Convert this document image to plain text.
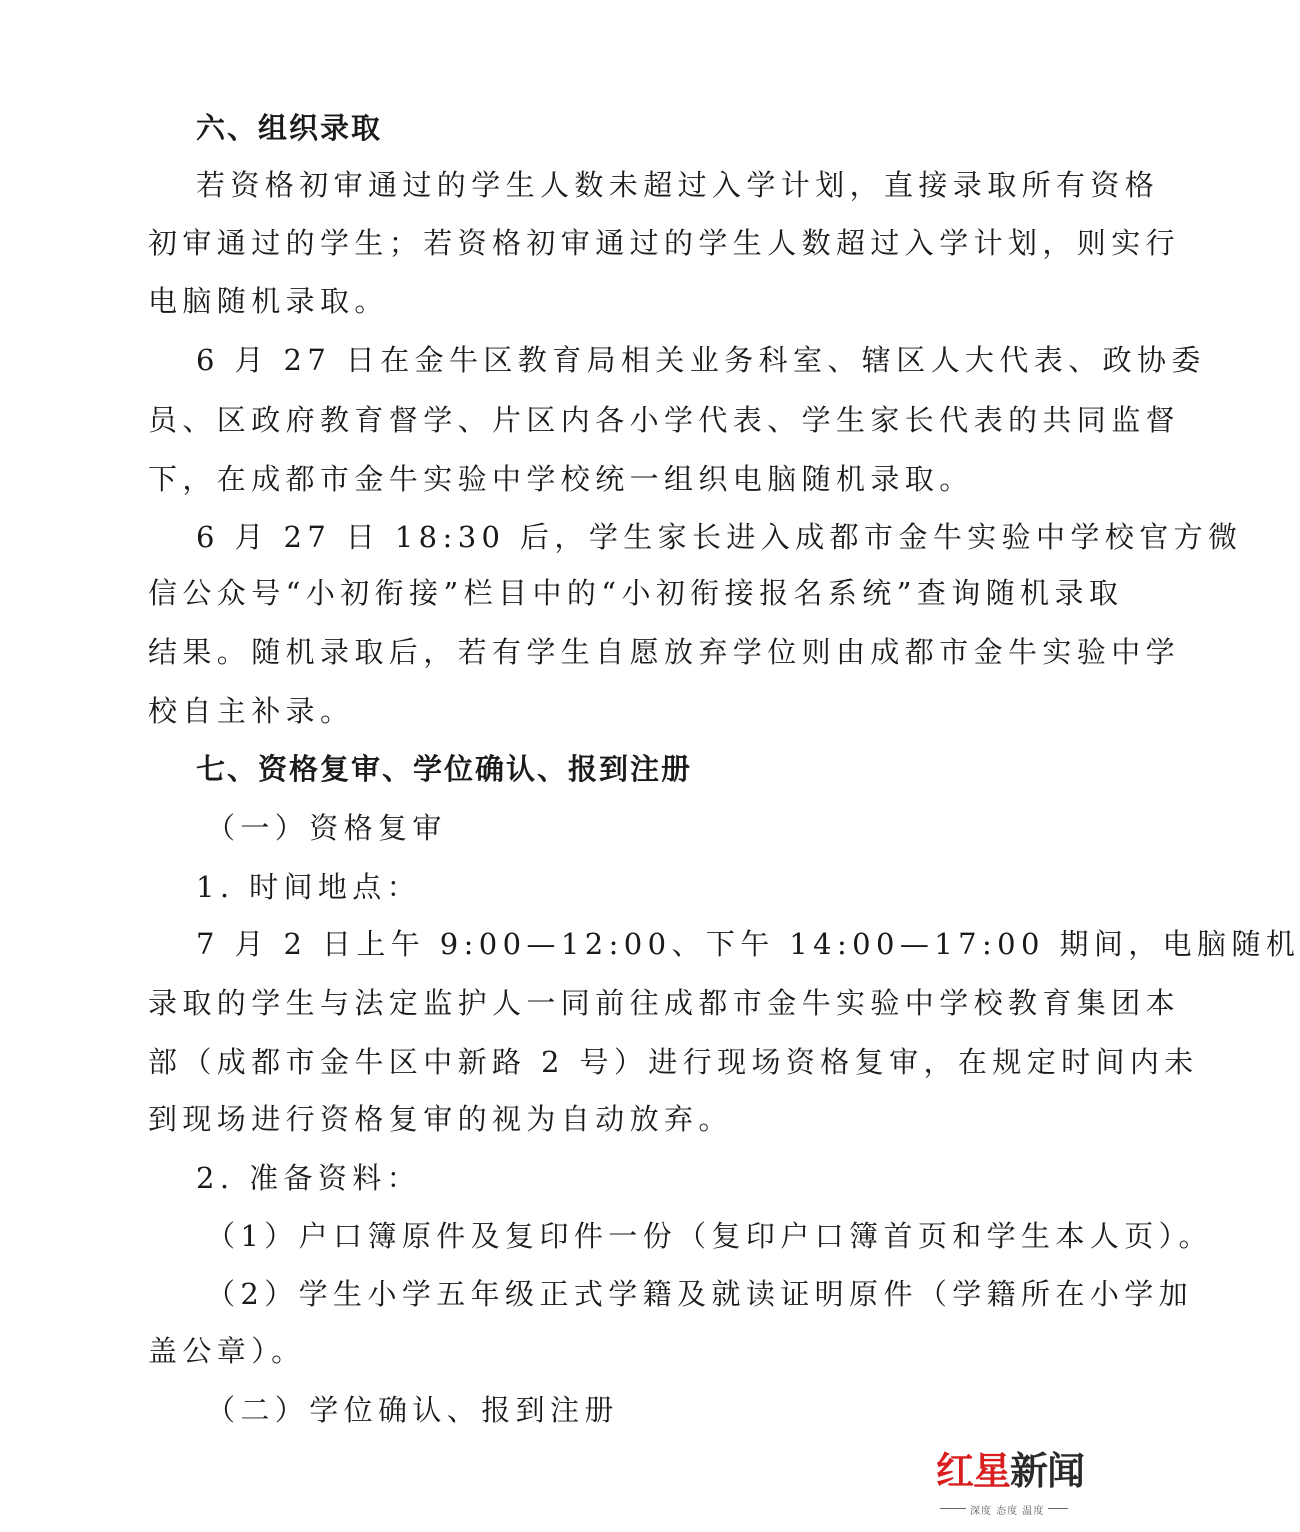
六、组织录取
若资格初审通过的学生人数未超过入学计划，直接录取所有资格
初审通过的学生；若资格初审通过的学生人数超过入学计划，则实行
电脑随机录取。
6 月 27 日在金牛区教育局相关业务科室、辖区人大代表、政协委
员、区政府教育督学、片区内各小学代表、学生家长代表的共同监督
下，在成都市金牛实验中学校统一组织电脑随机录取。
6 月 27 日 18:30 后，学生家长进入成都市金牛实验中学校官方微
信公众号“小初衔接”栏目中的“小初衔接报名系统”查询随机录取
结果。随机录取后，若有学生自愿放弃学位则由成都市金牛实验中学
校自主补录。
七、资格复审、学位确认、报到注册
（一）资格复审
1. 时间地点：
7 月 2 日上午 9:00—12:00、下午 14:00—17:00 期间，电脑随机
录取的学生与法定监护人一同前往成都市金牛实验中学校教育集团本
部（成都市金牛区中新路 2 号）进行现场资格复审，在规定时间内未
到现场进行资格复审的视为自动放弃。
2. 准备资料：
（1）户口簿原件及复印件一份（复印户口簿首页和学生本人页）。
（2）学生小学五年级正式学籍及就读证明原件（学籍所在小学加
盖公章）。
（二）学位确认、报到注册
红星新闻
深度 态度 温度
